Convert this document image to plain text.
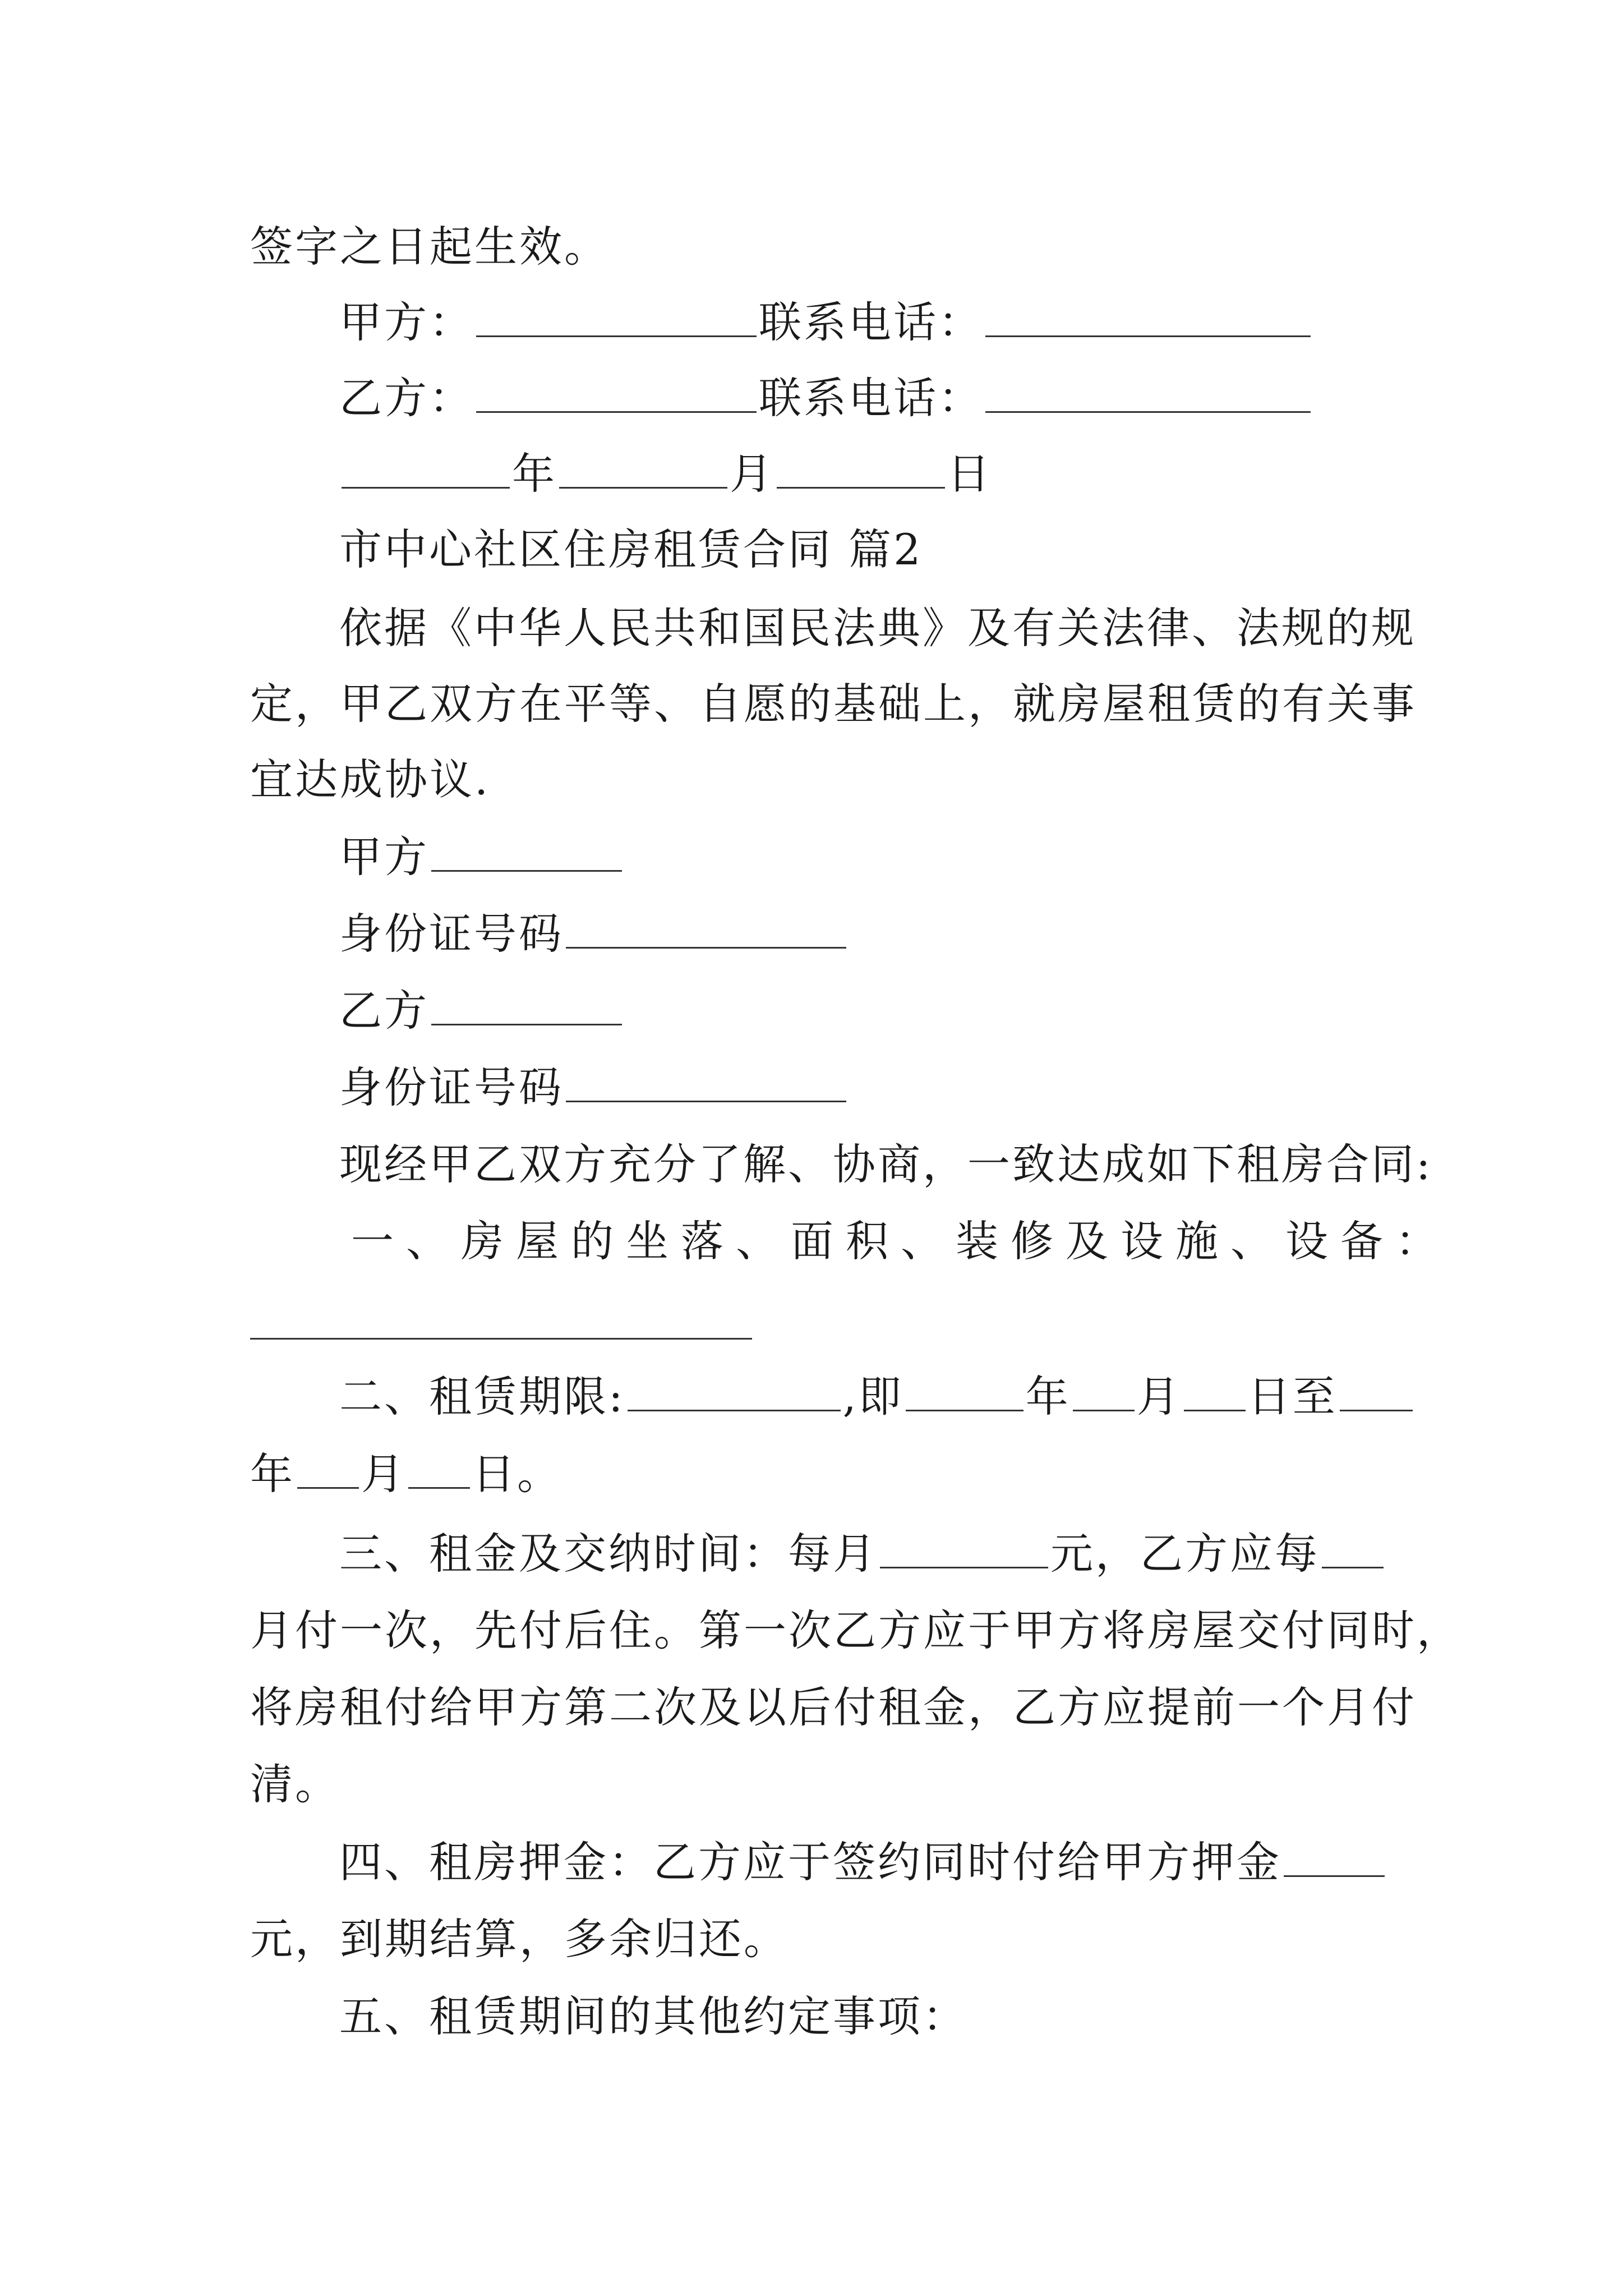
签字之日起生效。
甲方：	联系电话：
乙方：	联系电话：
年	月	日
市中心社区住房租赁合同 篇2
依据《中华人民共和国民法典》及有关法律、法规的规
定，甲乙双方在平等、自愿的基础上，就房屋租赁的有关事
宜达成协议.
甲方
身份证号码
乙方
身份证号码
现经甲乙双方充分了解、协商，一致达成如下租房合同:
一、房屋的坐落、面积、装修及设施、设备：
二、租赁期限:	,即	年 月 日至
年 月 日。
三、租金及交纳时间：每月	元，乙方应每
月付一次，先付后住。第一次乙方应于甲方将房屋交付同时，
将房租付给甲方第二次及以后付租金，乙方应提前一个月付
清。
四、租房押金：乙方应于签约同时付给甲方押金
元，到期结算，多余归还。
五、租赁期间的其他约定事项：
